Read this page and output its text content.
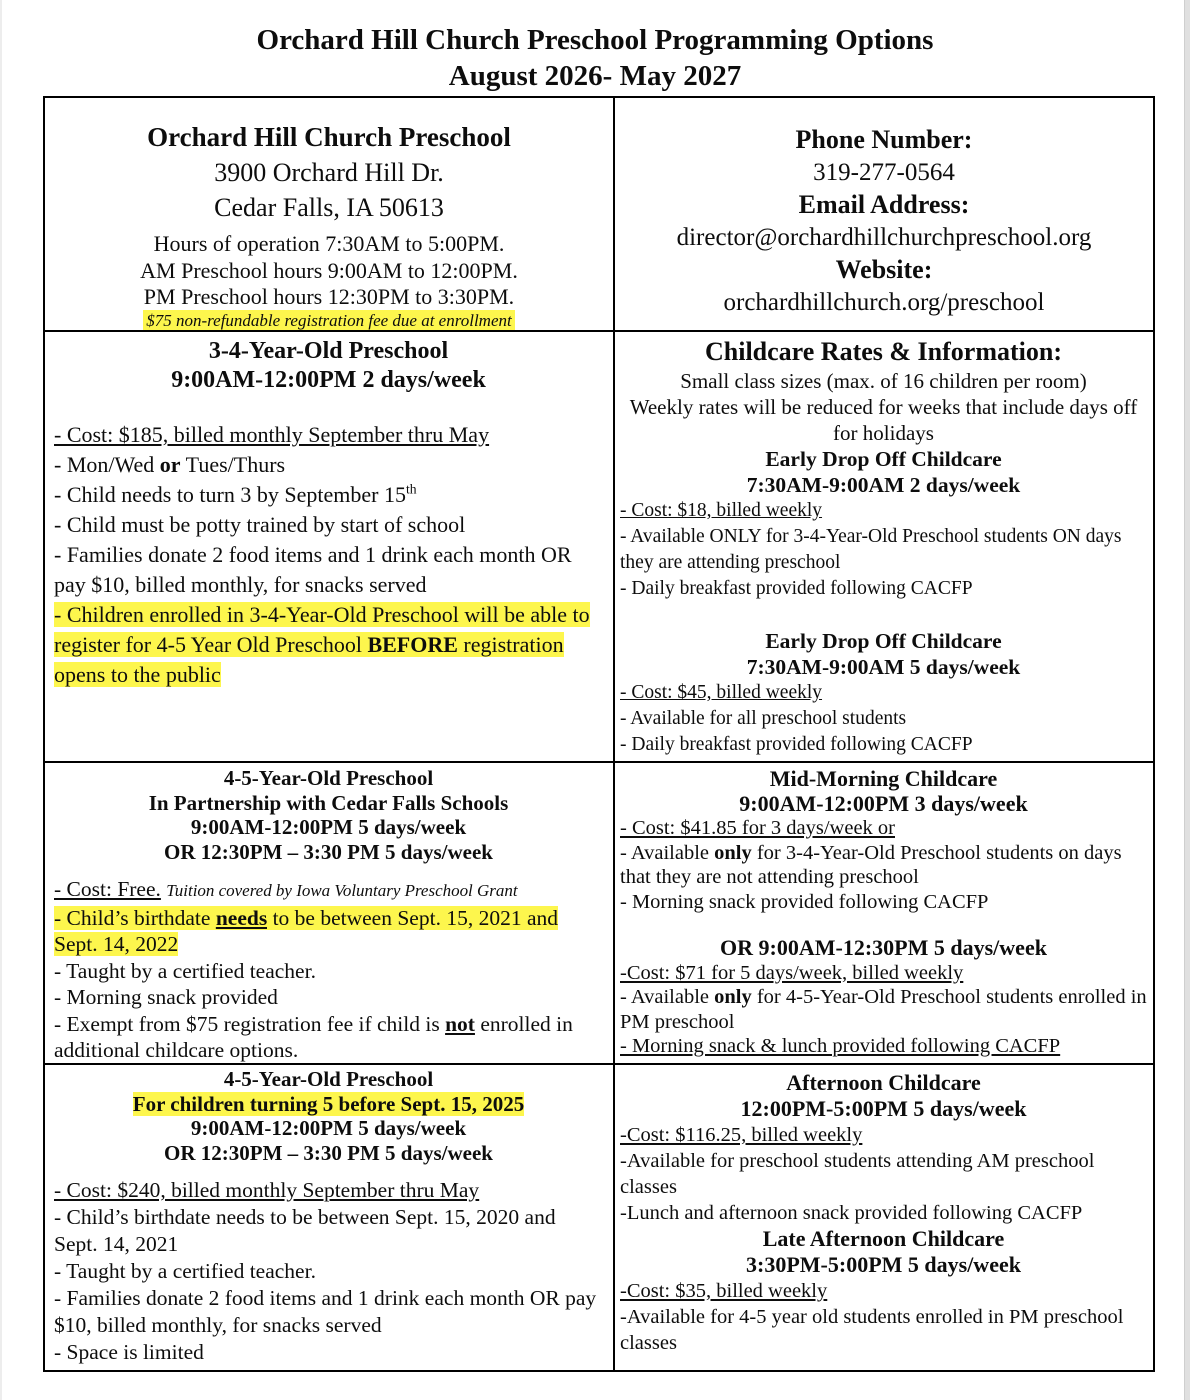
Orchard Hill Church Preschool Programming Options
August 2026- May 2027
Orchard Hill Church Preschool
3900 Orchard Hill Dr.
Cedar Falls, IA 50613
Hours of operation 7:30AM to 5:00PM.
AM Preschool hours 9:00AM to 12:00PM.
PM Preschool hours 12:30PM to 3:30PM.
$75 non-refundable registration fee due at enrollment
Phone Number:
319-277-0564
Email Address:
director@orchardhillchurchpreschool.org
Website:
orchardhillchurch.org/preschool
3-4-Year-Old Preschool
9:00AM-12:00PM 2 days/week
- Cost: $185, billed monthly September thru May
- Mon/Wed or Tues/Thurs
- Child needs to turn 3 by September 15th
- Child must be potty trained by start of school
- Families donate 2 food items and 1 drink each month OR pay $10, billed monthly, for snacks served
- Children enrolled in 3-4-Year-Old Preschool will be able to register for 4-5 Year Old Preschool BEFORE registration opens to the public
Childcare Rates & Information:
Small class sizes (max. of 16 children per room)
Weekly rates will be reduced for weeks that include days off for holidays
Early Drop Off Childcare
7:30AM-9:00AM 2 days/week
- Cost: $18, billed weekly
- Available ONLY for 3-4-Year-Old Preschool students ON days they are attending preschool
- Daily breakfast provided following CACFP
Early Drop Off Childcare
7:30AM-9:00AM 5 days/week
- Cost: $45, billed weekly
- Available for all preschool students
- Daily breakfast provided following CACFP
4-5-Year-Old Preschool
In Partnership with Cedar Falls Schools
9:00AM-12:00PM 5 days/week
OR 12:30PM – 3:30 PM 5 days/week
- Cost: Free. Tuition covered by Iowa Voluntary Preschool Grant
- Child’s birthdate needs to be between Sept. 15, 2021 and Sept. 14, 2022
- Taught by a certified teacher.
- Morning snack provided
- Exempt from $75 registration fee if child is not enrolled in additional childcare options.
Mid-Morning Childcare
9:00AM-12:00PM 3 days/week
- Cost: $41.85 for 3 days/week or
- Available only for 3-4-Year-Old Preschool students on days that they are not attending preschool
- Morning snack provided following CACFP
OR 9:00AM-12:30PM 5 days/week
-Cost: $71 for 5 days/week, billed weekly
- Available only for 4-5-Year-Old Preschool students enrolled in PM preschool
- Morning snack & lunch provided following CACFP
4-5-Year-Old Preschool
For children turning 5 before Sept. 15, 2025
9:00AM-12:00PM 5 days/week
OR 12:30PM – 3:30 PM 5 days/week
- Cost: $240, billed monthly September thru May
- Child’s birthdate needs to be between Sept. 15, 2020 and Sept. 14, 2021
- Taught by a certified teacher.
- Families donate 2 food items and 1 drink each month OR pay $10, billed monthly, for snacks served
- Space is limited
Afternoon Childcare
12:00PM-5:00PM 5 days/week
-Cost: $116.25, billed weekly
-Available for preschool students attending AM preschool classes
-Lunch and afternoon snack provided following CACFP
Late Afternoon Childcare
3:30PM-5:00PM 5 days/week
-Cost: $35, billed weekly
-Available for 4-5 year old students enrolled in PM preschool classes
